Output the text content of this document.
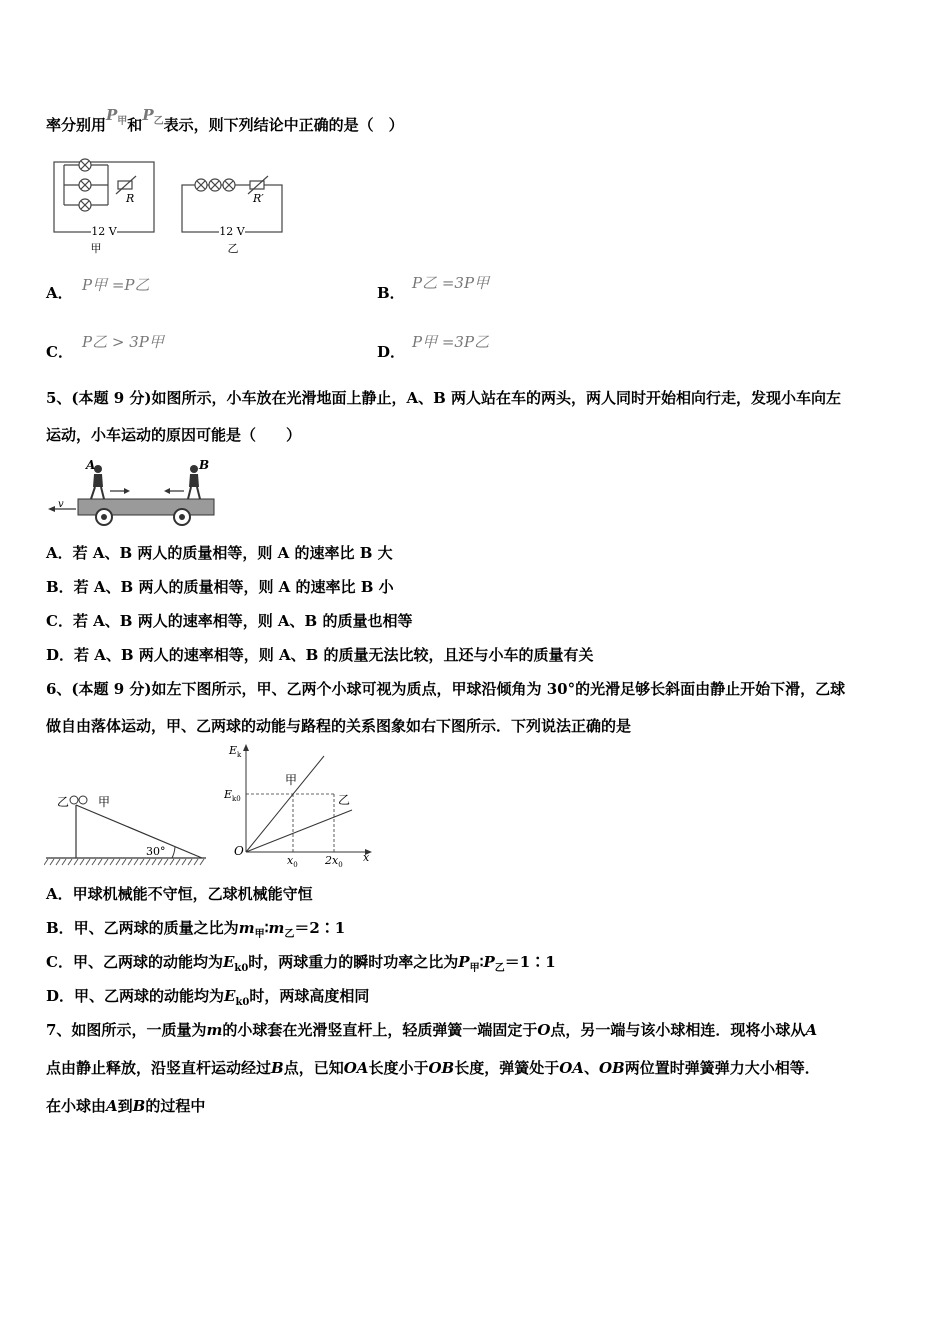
率分别用$P_甲$和$P_乙$表示，则下列结论中正确的是（　）
12 V
R
甲
12 V
R′
乙
A． P甲 =P乙	B．
P乙 =3P甲
C．
P乙 > 3P甲
D．
P甲 =3P乙
5、(本题 9 分)如图所示，小车放在光滑地面上静止，A、B 两人站在车的两头，两人同时开始相向行走，发现小车向左
运动，小车运动的原因可能是（　　）
A	B
v
A．若 A、B 两人的质量相等，则 A 的速率比 B 大
B．若 A、B 两人的质量相等，则 A 的速率比 B 小
C．若 A、B 两人的速率相等，则 A、B 的质量也相等
D．若 A、B 两人的速率相等，则 A、B 的质量无法比较，且还与小车的质量有关
6、(本题 9 分)如左下图所示，甲、乙两个小球可视为质点，甲球沿倾角为 30°的光滑足够长斜面由静止开始下滑，乙球
做自由落体运动，甲、乙两球的动能与路程的关系图象如右下图所示．下列说法正确的是
乙 甲
30°
$E_k$
$E_{k0}$
O	x
$x_0$ $2x_0$
甲
乙
A．甲球机械能不守恒，乙球机械能守恒
B．甲、乙两球的质量之比为$m_甲∶m_乙=2∶1$
C．甲、乙两球的动能均为$E_{k0}$时，两球重力的瞬时功率之比为$P_甲∶P_乙=1∶1$
D．甲、乙两球的动能均为$E_{k0}$时，两球高度相同
7、如图所示，一质量为m的小球套在光滑竖直杆上，轻质弹簧一端固定于O点，另一端与该小球相连．现将小球从A
点由静止释放，沿竖直杆运动经过B点，已知OA长度小于OB长度，弹簧处于OA、OB两位置时弹簧弹力大小相等．
在小球由A到B的过程中
